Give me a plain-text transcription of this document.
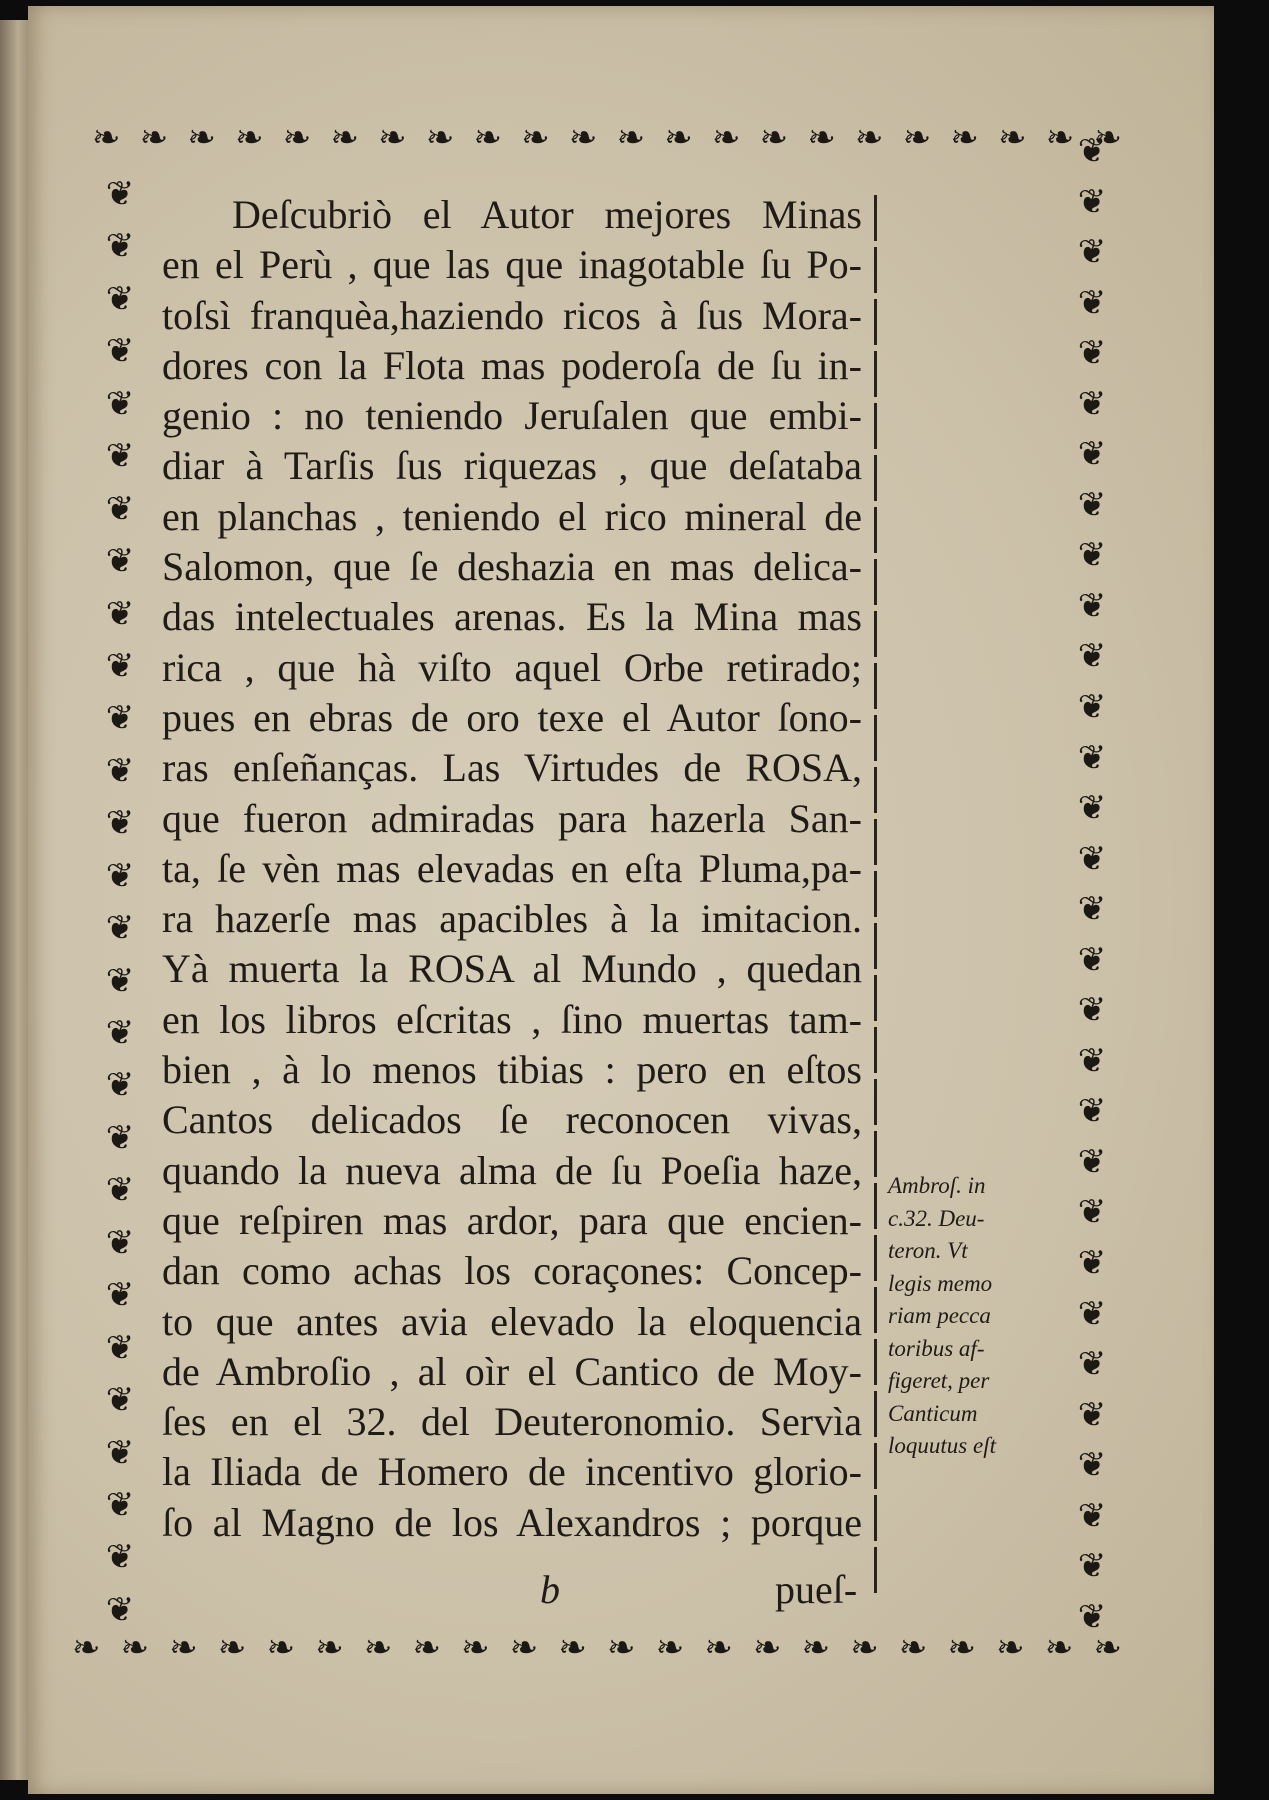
❧ ❧ ❧ ❧ ❧ ❧ ❧ ❧ ❧ ❧ ❧ ❧ ❧ ❧ ❧ ❧ ❧ ❧ ❧ ❧ ❧ ❧
❧ ❧ ❧ ❧ ❧ ❧ ❧ ❧ ❧ ❧ ❧ ❧ ❧ ❧ ❧ ❧ ❧ ❧ ❧ ❧ ❧ ❧
❦
❦
❦
❦
❦
❦
❦
❦
❦
❦
❦
❦
❦
❦
❦
❦
❦
❦
❦
❦
❦
❦
❦
❦
❦
❦
❦
❦
❦
❦
❦
❦
❦
❦
❦
❦
❦
❦
❦
❦
❦
❦
❦
❦
❦
❦
❦
❦
❦
❦
❦
❦
❦
❦
❦
❦
❦
❦
Deſcubriò el Autor mejores Minas
en el Perù , que las que inagotable ſu Po-
toſsì franquèa,haziendo ricos à ſus Mora-
dores con la Flota mas poderoſa de ſu in-
genio : no teniendo Jeruſalen que embi-
diar à Tarſis ſus riquezas , que deſataba
en planchas , teniendo el rico mineral de
Salomon, que ſe deshazia en mas delica-
das intelectuales arenas. Es la Mina mas
rica , que hà viſto aquel Orbe retirado;
pues en ebras de oro texe el Autor ſono-
ras enſeñanças. Las Virtudes de ROSA,
que fueron admiradas para hazerla San-
ta, ſe vèn mas elevadas en eſta Pluma,pa-
ra hazerſe mas apacibles à la imitacion.
Yà muerta la ROSA al Mundo , quedan
en los libros eſcritas , ſino muertas tam-
bien , à lo menos tibias : pero en eſtos
Cantos delicados ſe reconocen vivas,
quando la nueva alma de ſu Poeſia haze,
que reſpiren mas ardor, para que encien-
dan como achas los coraçones: Concep-
to que antes avia elevado la eloquencia
de Ambroſio , al oìr el Cantico de Moy-
ſes en el 32. del Deuteronomio. Servìa
la Iliada de Homero de incentivo glorio-
ſo al Magno de los Alexandros ; porque
Ambroſ. in
c.32. Deu-
teron. Vt
legis memo
riam pecca
toribus af-
figeret, per
Canticum
loquutus eſt
b	pueſ-
